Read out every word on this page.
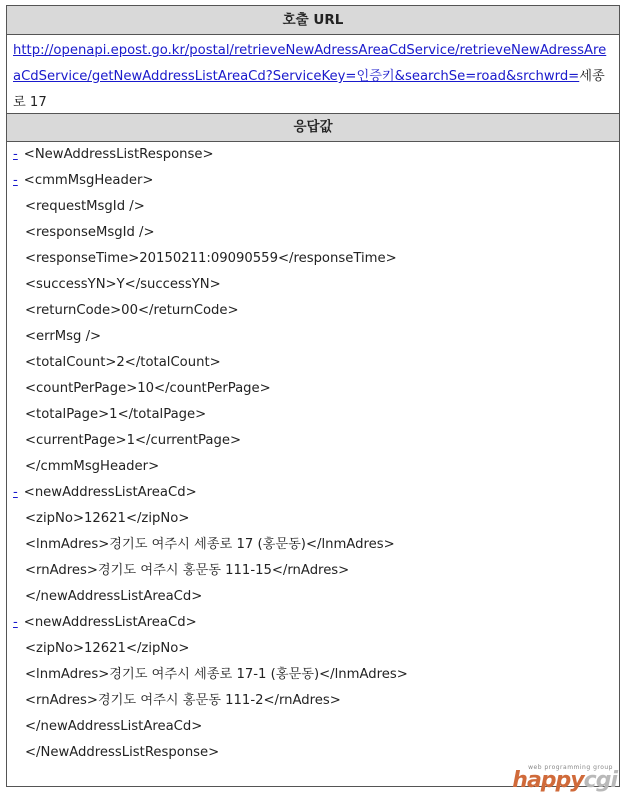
호출 URL
http://openapi.epost.go.kr/postal/retrieveNewAdressAreaCdService/retrieveNewAdressAreaCdService/getNewAddressListAreaCd?ServiceKey=인증키&searchSe=road&srchwrd=세종로 17
응답값
- <NewAddressListResponse>
- <cmmMsgHeader>
<requestMsgId />
<responseMsgId />
<responseTime>20150211:09090559</responseTime>
<successYN>Y</successYN>
<returnCode>00</returnCode>
<errMsg />
<totalCount>2</totalCount>
<countPerPage>10</countPerPage>
<totalPage>1</totalPage>
<currentPage>1</currentPage>
</cmmMsgHeader>
- <newAddressListAreaCd>
<zipNo>12621</zipNo>
<lnmAdres>경기도 여주시 세종로 17 (홍문동)</lnmAdres>
<rnAdres>경기도 여주시 홍문동 111-15</rnAdres>
</newAddressListAreaCd>
- <newAddressListAreaCd>
<zipNo>12621</zipNo>
<lnmAdres>경기도 여주시 세종로 17-1 (홍문동)</lnmAdres>
<rnAdres>경기도 여주시 홍문동 111-2</rnAdres>
</newAddressListAreaCd>
</NewAddressListResponse>
web programming group
happycgi
